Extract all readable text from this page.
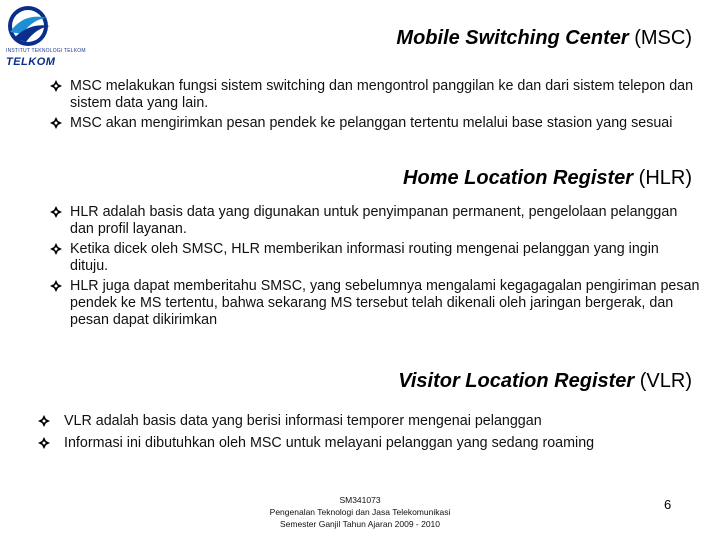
INSTITUT TEKNOLOGI TELKOM
TELKOM
Mobile Switching Center (MSC)
MSC melakukan fungsi sistem switching dan mengontrol panggilan ke dan dari sistem telepon dan sistem data yang lain.
MSC akan mengirimkan pesan pendek ke pelanggan tertentu melalui base stasion yang sesuai
Home Location Register (HLR)
HLR adalah basis data yang digunakan untuk penyimpanan permanent, pengelolaan pelanggan dan profil layanan.
Ketika dicek oleh SMSC, HLR memberikan informasi routing mengenai pelanggan yang ingin dituju.
HLR juga dapat memberitahu SMSC, yang sebelumnya mengalami kegagagalan pengiriman pesan pendek ke MS tertentu, bahwa sekarang MS tersebut telah dikenali oleh jaringan bergerak, dan pesan dapat dikirimkan
Visitor Location Register (VLR)
VLR adalah basis data yang berisi informasi temporer mengenai pelanggan
Informasi ini dibutuhkan oleh MSC untuk melayani pelanggan yang sedang roaming
SM341073
Pengenalan Teknologi dan Jasa Telekomunikasi
Semester Ganjil Tahun Ajaran 2009 - 2010
6
